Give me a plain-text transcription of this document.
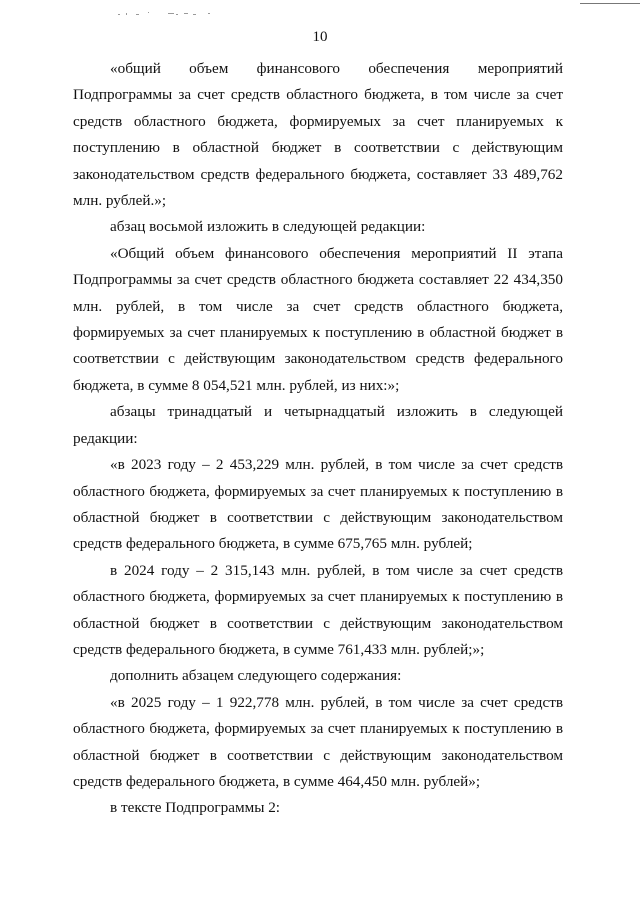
10

«общий объем финансового обеспечения мероприятий Подпрограммы за счет средств областного бюджета, в том числе за счет средств областного бюджета, формируемых за счет планируемых к поступлению в областной бюджет в соответствии с действующим законодательством средств федерального бюджета, составляет 33 489,762 млн. рублей.»;

абзац восьмой изложить в следующей редакции:

«Общий объем финансового обеспечения мероприятий II этапа Подпрограммы за счет средств областного бюджета составляет 22 434,350 млн. рублей, в том числе за счет средств областного бюджета, формируемых за счет планируемых к поступлению в областной бюджет в соответствии с действующим законодательством средств федерального бюджета, в сумме 8 054,521 млн. рублей, из них:»;

абзацы тринадцатый и четырнадцатый изложить в следующей редакции:

«в 2023 году – 2 453,229 млн. рублей, в том числе за счет средств областного бюджета, формируемых за счет планируемых к поступлению в областной бюджет в соответствии с действующим законодательством средств федерального бюджета, в сумме 675,765 млн. рублей;

в 2024 году – 2 315,143 млн. рублей, в том числе за счет средств областного бюджета, формируемых за счет планируемых к поступлению в областной бюджет в соответствии с действующим законодательством средств федерального бюджета, в сумме 761,433 млн. рублей;»;

дополнить абзацем следующего содержания:

«в 2025 году – 1 922,778 млн. рублей, в том числе за счет средств областного бюджета, формируемых за счет планируемых к поступлению в областной бюджет в соответствии с действующим законодательством средств федерального бюджета, в сумме 464,450 млн. рублей»;

в тексте Подпрограммы 2:
